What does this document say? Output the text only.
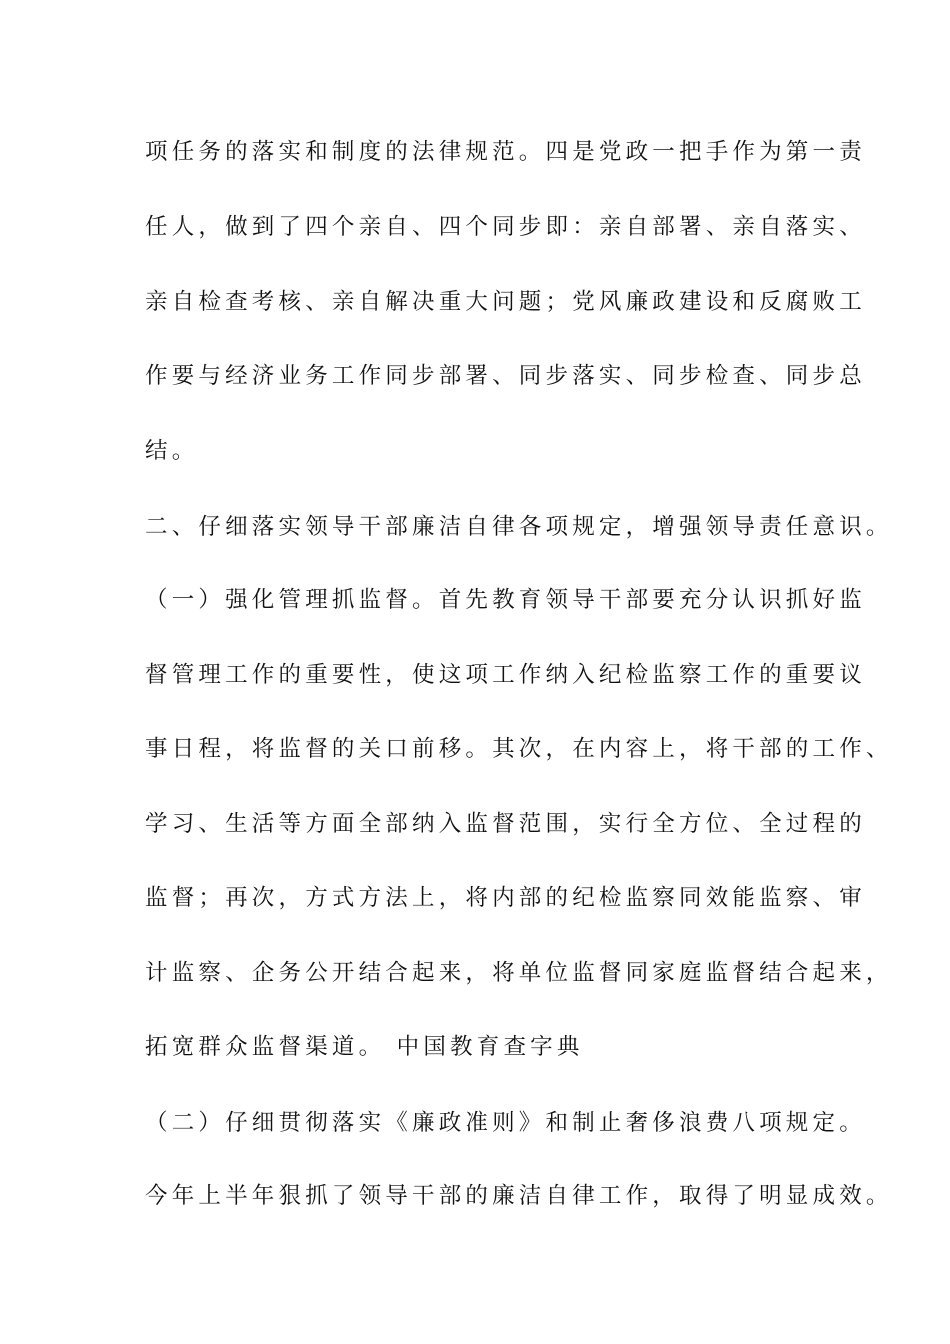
项任务的落实和制度的法律规范。四是党政一把手作为第一责
任人，做到了四个亲自、四个同步即：亲自部署、亲自落实、
亲自检查考核、亲自解决重大问题；党风廉政建设和反腐败工
作要与经济业务工作同步部署、同步落实、同步检查、同步总
结。
二、仔细落实领导干部廉洁自律各项规定，增强领导责任意识。
（一）强化管理抓监督。首先教育领导干部要充分认识抓好监
督管理工作的重要性，使这项工作纳入纪检监察工作的重要议
事日程，将监督的关口前移。其次，在内容上，将干部的工作、
学习、生活等方面全部纳入监督范围，实行全方位、全过程的
监督；再次，方式方法上，将内部的纪检监察同效能监察、审
计监察、企务公开结合起来，将单位监督同家庭监督结合起来，
拓宽群众监督渠道。 中国教育查字典
（二）仔细贯彻落实《廉政准则》和制止奢侈浪费八项规定。
今年上半年狠抓了领导干部的廉洁自律工作，取得了明显成效。
